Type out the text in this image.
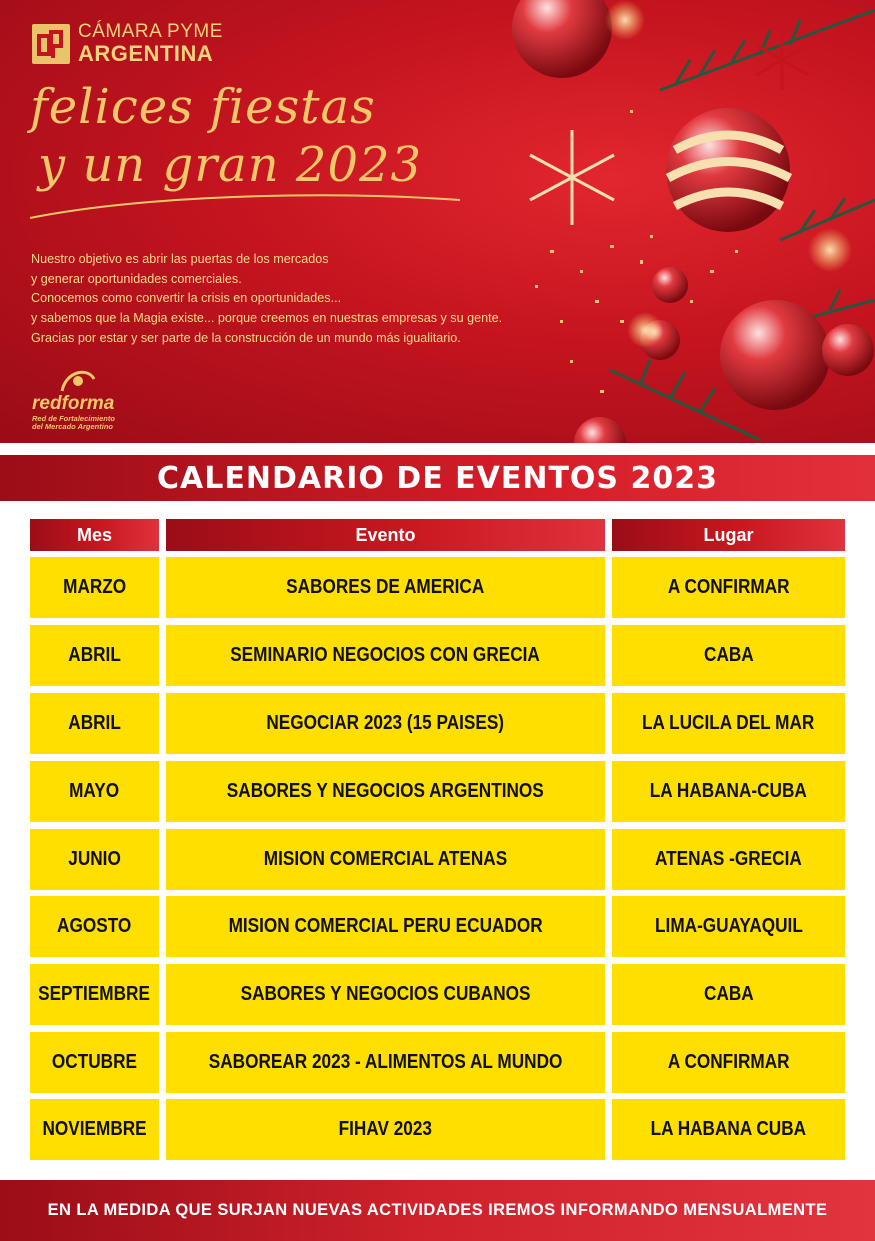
CÁMARA PYME
ARGENTINA
felices fiestas
y un gran 2023
Nuestro objetivo es abrir las puertas de los mercados
y generar oportunidades comerciales.
Conocemos como convertir la crisis en oportunidades...
y sabemos que la Magia existe... porque creemos en nuestras empresas y su gente.
Gracias por estar y ser parte de la construcción de un mundo más igualitario.
redforma
Red de Fortalecimiento
del Mercado Argentino
CALENDARIO DE EVENTOS 2023
Mes	Evento	Lugar
MARZO	SABORES DE AMERICA	A CONFIRMAR
ABRIL	SEMINARIO NEGOCIOS CON GRECIA	CABA
ABRIL	NEGOCIAR 2023 (15 PAISES)	LA LUCILA DEL MAR
MAYO	SABORES Y NEGOCIOS ARGENTINOS	LA HABANA-CUBA
JUNIO	MISION COMERCIAL ATENAS	ATENAS -GRECIA
AGOSTO	MISION COMERCIAL PERU ECUADOR	LIMA-GUAYAQUIL
SEPTIEMBRE	SABORES Y NEGOCIOS CUBANOS	CABA
OCTUBRE	SABOREAR 2023 - ALIMENTOS AL MUNDO	A CONFIRMAR
NOVIEMBRE	FIHAV 2023	LA HABANA CUBA
EN LA MEDIDA QUE SURJAN NUEVAS ACTIVIDADES IREMOS INFORMANDO MENSUALMENTE
